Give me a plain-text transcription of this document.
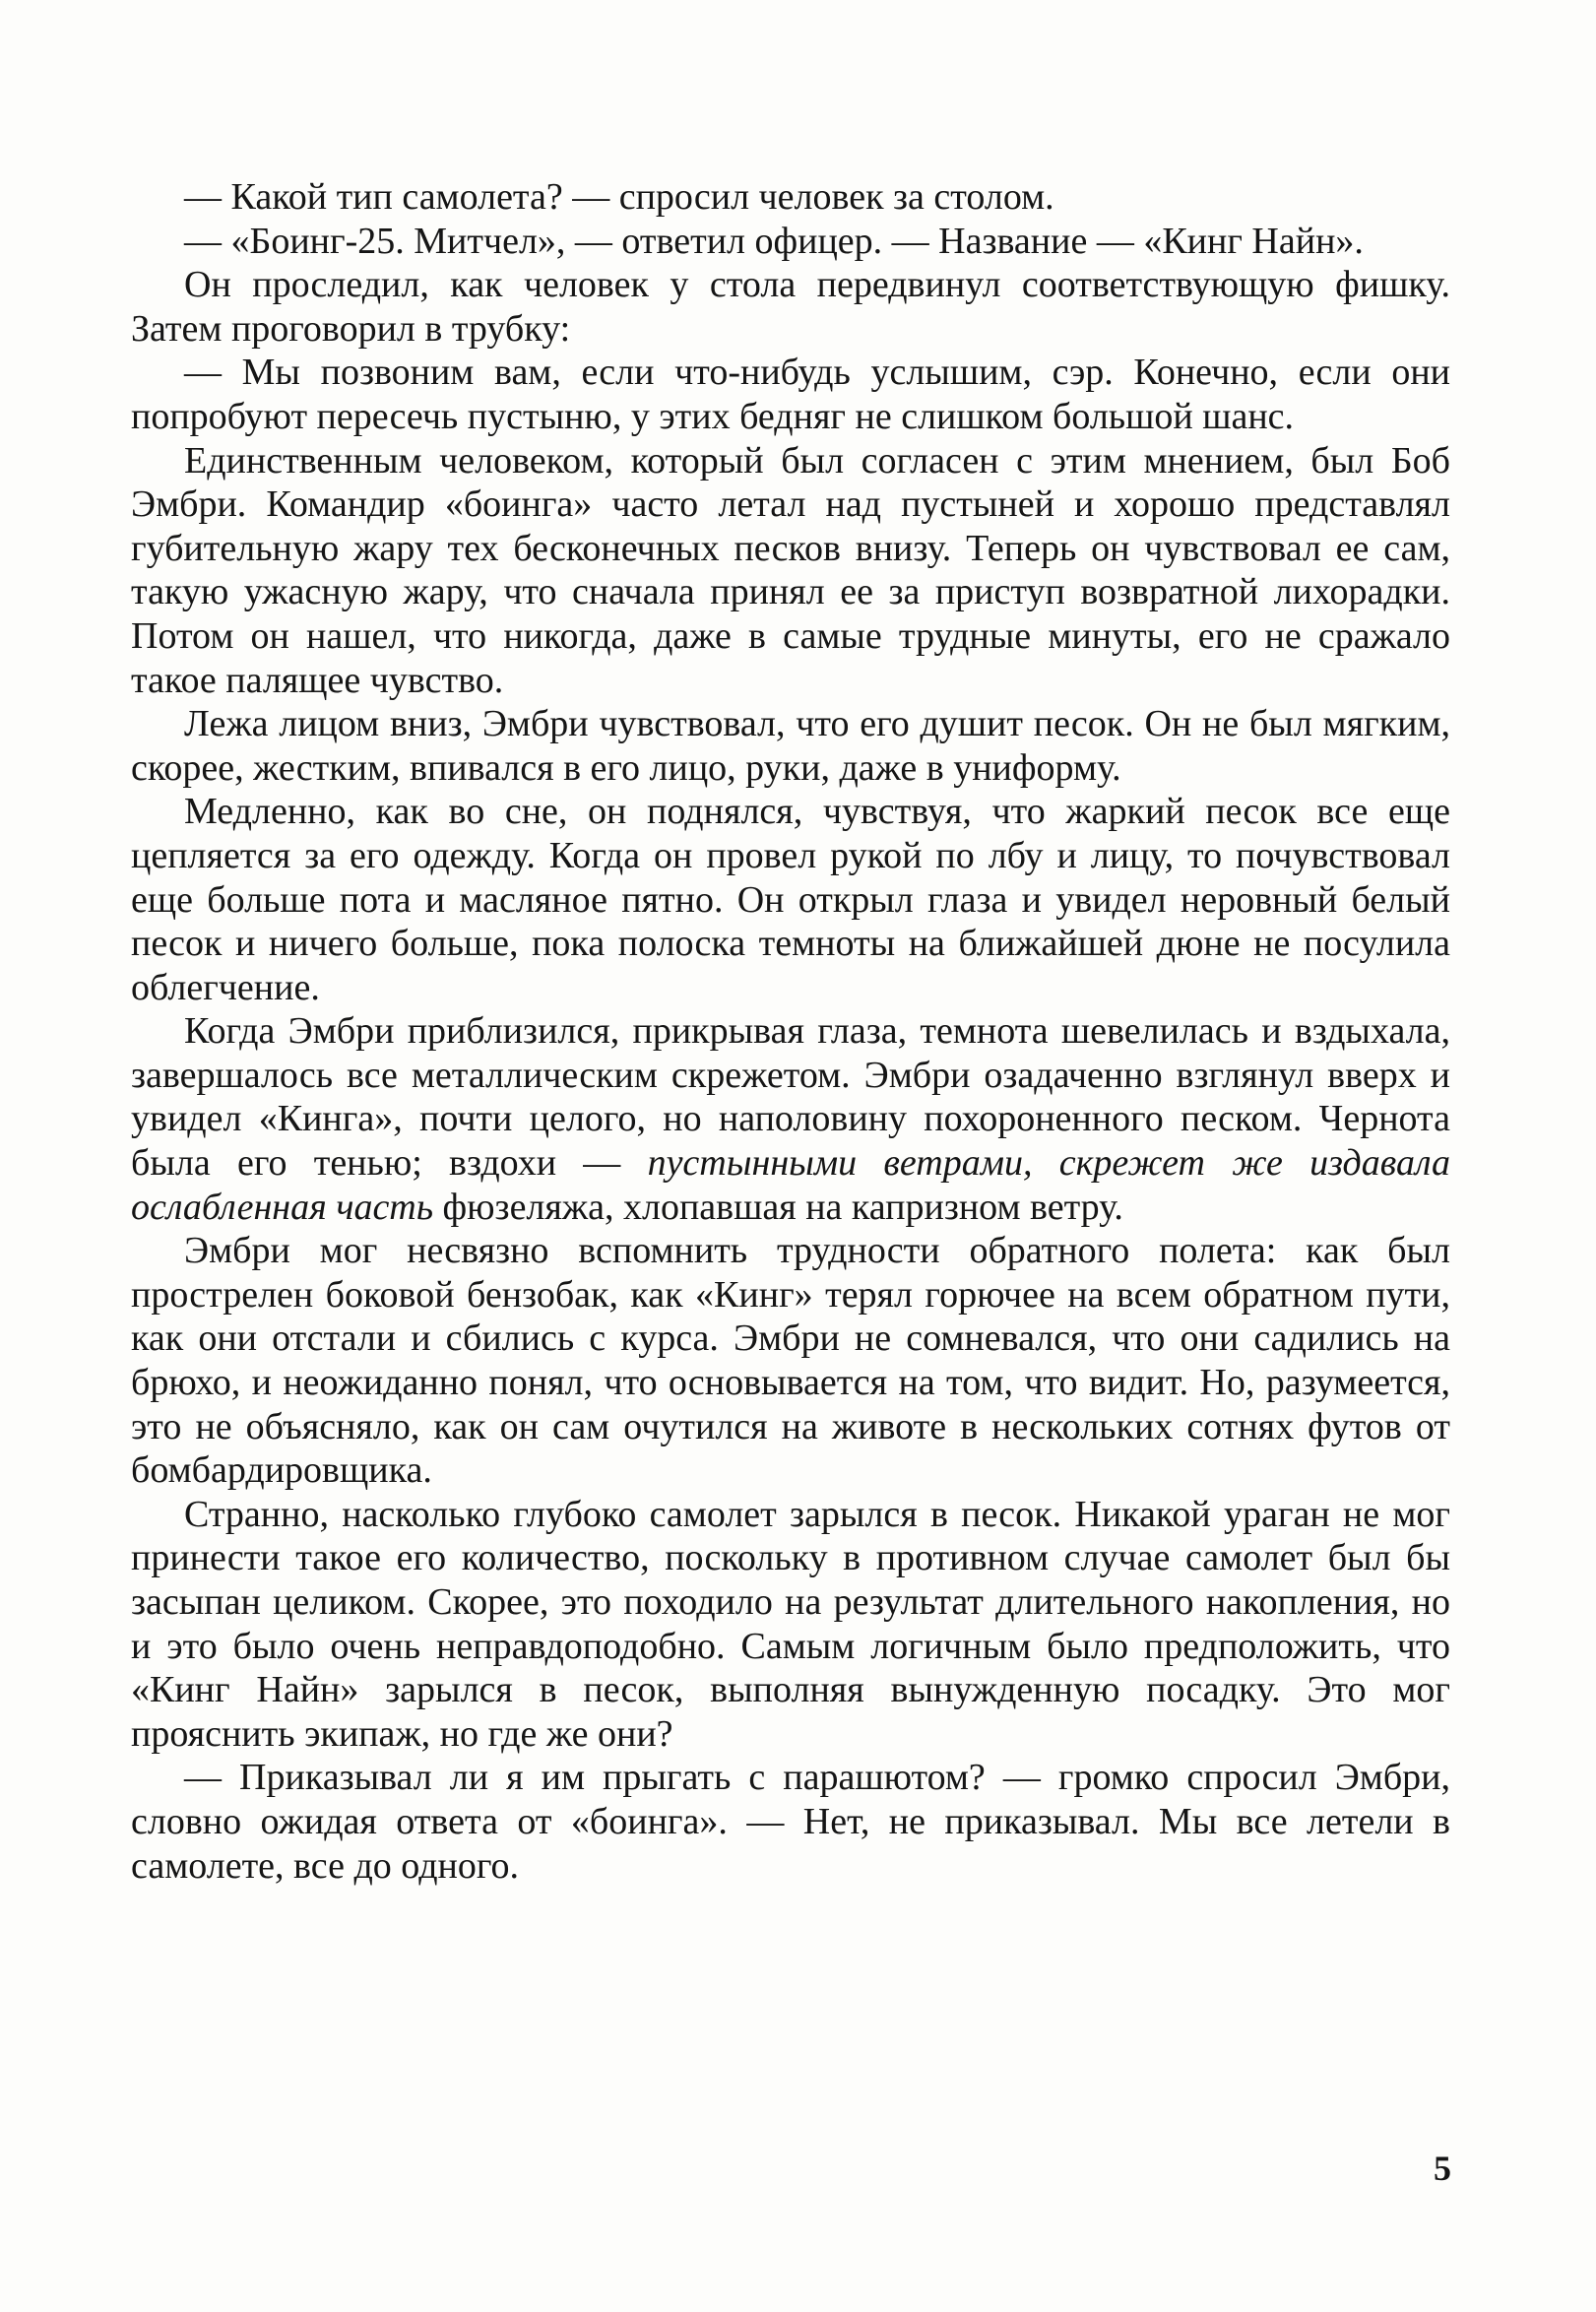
— Какой тип самолета? — спросил человек за столом.

— «Боинг-25. Митчел», — ответил офицер. — Название — «Кинг Найн».

Он проследил, как человек у стола передвинул соответствующую фишку. Затем проговорил в трубку:

— Мы позвоним вам, если что-нибудь услышим, сэр. Конечно, если они попробуют пересечь пустыню, у этих бедняг не слишком большой шанс.

Единственным человеком, который был согласен с этим мнением, был Боб Эмбри. Командир «боинга» часто летал над пустыней и хорошо представлял губительную жару тех бесконечных песков внизу. Теперь он чувствовал ее сам, такую ужасную жару, что сначала принял ее за приступ возвратной лихорадки. Потом он нашел, что никогда, даже в самые трудные минуты, его не сражало такое палящее чувство.

Лежа лицом вниз, Эмбри чувствовал, что его душит песок. Он не был мягким, скорее, жестким, впивался в его лицо, руки, даже в униформу.

Медленно, как во сне, он поднялся, чувствуя, что жаркий песок все еще цепляется за его одежду. Когда он провел рукой по лбу и лицу, то почувствовал еще больше пота и масляное пятно. Он открыл глаза и увидел неровный белый песок и ничего больше, пока полоска темноты на ближайшей дюне не посулила облегчение.

Когда Эмбри приблизился, прикрывая глаза, темнота шевелилась и вздыхала, завершалось все металлическим скрежетом. Эмбри озадаченно взглянул вверх и увидел «Кинга», почти целого, но наполовину похороненного песком. Чернота была его тенью; вздохи — пустынными ветрами, скрежет же издавала ослабленная часть фюзеляжа, хлопавшая на капризном ветру.

Эмбри мог несвязно вспомнить трудности обратного полета: как был прострелен боковой бензобак, как «Кинг» терял горючее на всем обратном пути, как они отстали и сбились с курса. Эмбри не сомневался, что они садились на брюхо, и неожиданно понял, что основывается на том, что видит. Но, разумеется, это не объясняло, как он сам очутился на животе в нескольких сотнях футов от бомбардировщика.

Странно, насколько глубоко самолет зарылся в песок. Никакой ураган не мог принести такое его количество, поскольку в противном случае самолет был бы засыпан целиком. Скорее, это походило на результат длительного накопления, но и это было очень неправдоподобно. Самым логичным было предположить, что «Кинг Найн» зарылся в песок, выполняя вынужденную посадку. Это мог прояснить экипаж, но где же они?

— Приказывал ли я им прыгать с парашютом? — громко спросил Эмбри, словно ожидая ответа от «боинга». — Нет, не приказывал. Мы все летели в самолете, все до одного.

5
